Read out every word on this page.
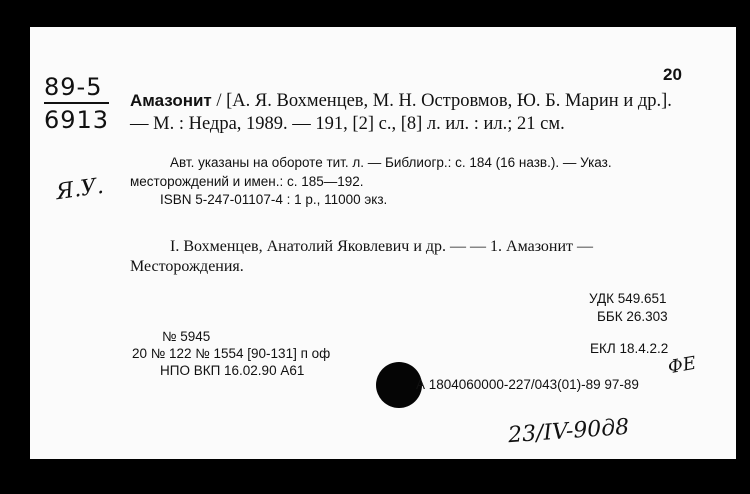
89-5
6913
Я.У.
20
Амазонит / [А. Я. Вохменцев, М. Н. Островмов, Ю. Б. Марин и др.]. — М. : Недра, 1989. — 191, [2] с., [8] л. ил. : ил.; 21 см.
Авт. указаны на обороте тит. л. — Библиогр.: с. 184 (16 назв.). — Указ. месторождений и имен.: с. 185—192.
ISBN 5-247-01107-4 : 1 р., 11000 экз.
I. Вохменцев, Анатолий Яковлевич и др. — — 1. Амазонит — Месторождения.
УДК 549.651
ББК 26.303
ЕКЛ 18.4.2.2
№ 5945
20 № 122 № 1554 [90-131] п оф
НПО ВКП 16.02.90 А61
А 1804060000-227/043(01)-89 97-89
ФЕ
23/IV-90д8
